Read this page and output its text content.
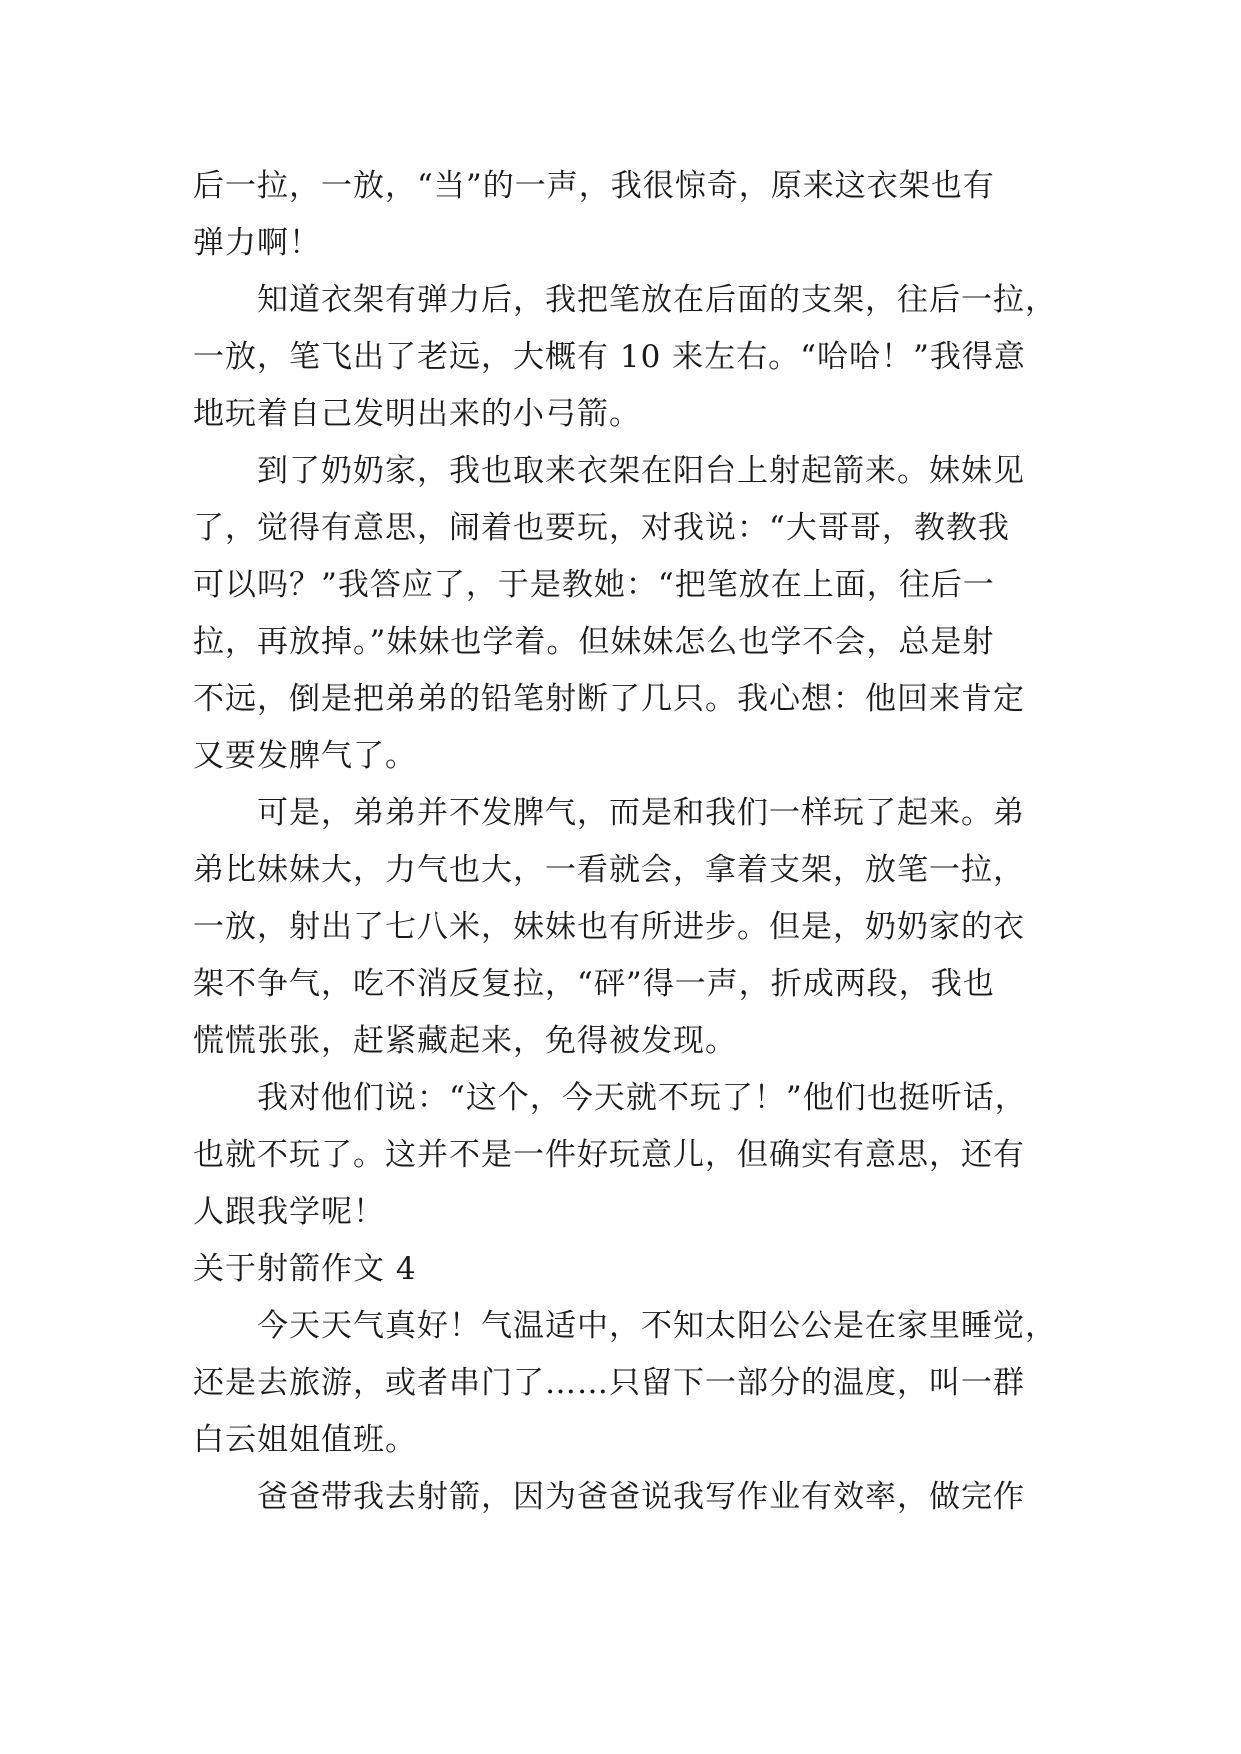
后一拉，一放，“当”的一声，我很惊奇，原来这衣架也有
弹力啊！
知道衣架有弹力后，我把笔放在后面的支架，往后一拉，
一放，笔飞出了老远，大概有 10 来左右。“哈哈！”我得意
地玩着自己发明出来的小弓箭。
到了奶奶家，我也取来衣架在阳台上射起箭来。妹妹见
了，觉得有意思，闹着也要玩，对我说：“大哥哥，教教我
可以吗？”我答应了，于是教她：“把笔放在上面，往后一
拉，再放掉。”妹妹也学着。但妹妹怎么也学不会，总是射
不远，倒是把弟弟的铅笔射断了几只。我心想：他回来肯定
又要发脾气了。
可是，弟弟并不发脾气，而是和我们一样玩了起来。弟
弟比妹妹大，力气也大，一看就会，拿着支架，放笔一拉，
一放，射出了七八米，妹妹也有所进步。但是，奶奶家的衣
架不争气，吃不消反复拉，“砰”得一声，折成两段，我也
慌慌张张，赶紧藏起来，免得被发现。
我对他们说：“这个，今天就不玩了！”他们也挺听话，
也就不玩了。这并不是一件好玩意儿，但确实有意思，还有
人跟我学呢！
关于射箭作文 4
今天天气真好！气温适中，不知太阳公公是在家里睡觉，
还是去旅游，或者串门了……只留下一部分的温度，叫一群
白云姐姐值班。
爸爸带我去射箭，因为爸爸说我写作业有效率，做完作
